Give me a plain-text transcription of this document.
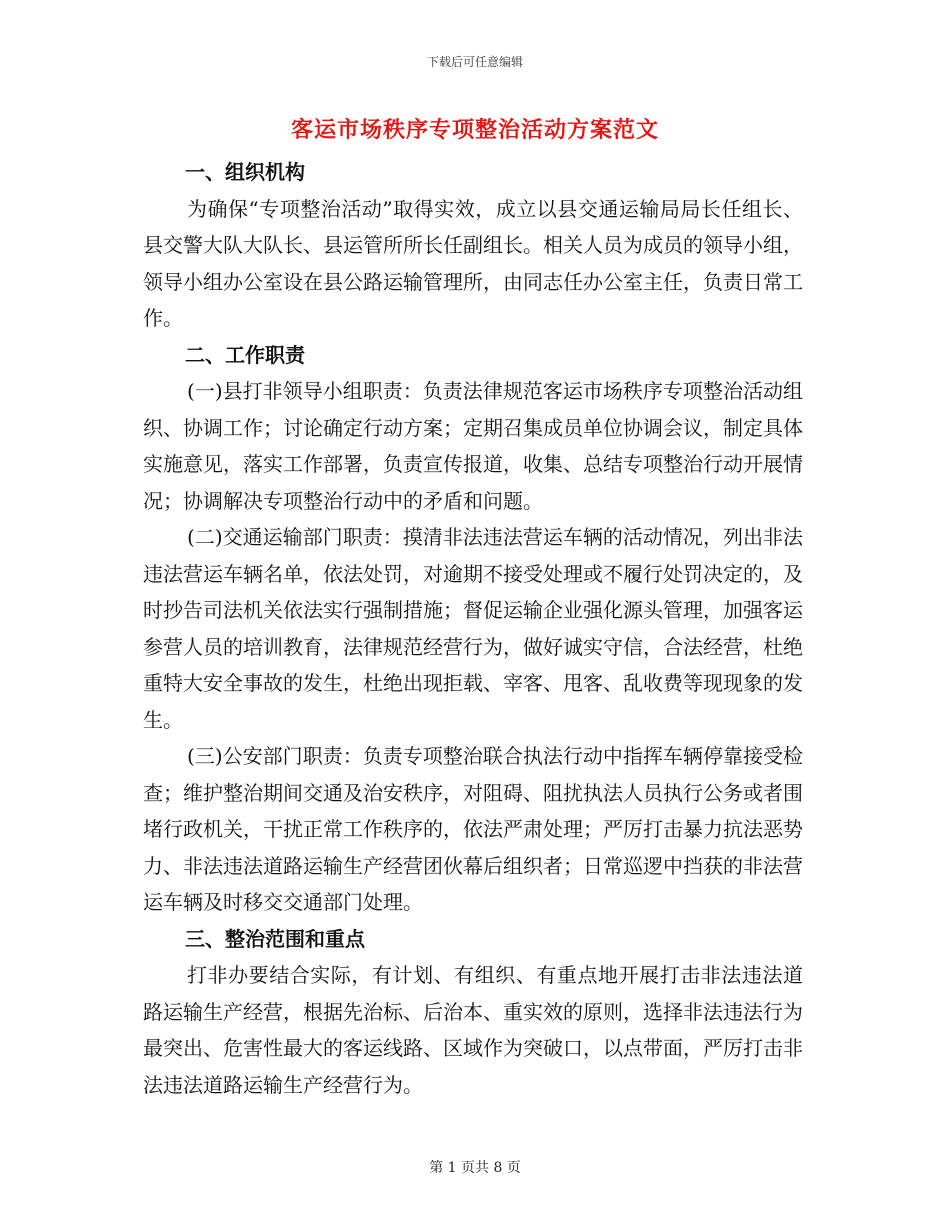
下载后可任意编辑
客运市场秩序专项整治活动方案范文

一、组织机构

为确保“专项整治活动”取得实效，成立以县交通运输局局长任组长、县交警大队大队长、县运管所所长任副组长。相关人员为成员的领导小组，领导小组办公室设在县公路运输管理所，由同志任办公室主任，负责日常工作。

二、工作职责

(一)县打非领导小组职责：负责法律规范客运市场秩序专项整治活动组织、协调工作；讨论确定行动方案；定期召集成员单位协调会议，制定具体实施意见，落实工作部署，负责宣传报道，收集、总结专项整治行动开展情况；协调解决专项整治行动中的矛盾和问题。

(二)交通运输部门职责：摸清非法违法营运车辆的活动情况，列出非法违法营运车辆名单，依法处罚，对逾期不接受处理或不履行处罚决定的，及时抄告司法机关依法实行强制措施；督促运输企业强化源头管理，加强客运参营人员的培训教育，法律规范经营行为，做好诚实守信，合法经营，杜绝重特大安全事故的发生，杜绝出现拒载、宰客、甩客、乱收费等现现象的发生。

(三)公安部门职责：负责专项整治联合执法行动中指挥车辆停靠接受检查；维护整治期间交通及治安秩序，对阻碍、阻扰执法人员执行公务或者围堵行政机关，干扰正常工作秩序的，依法严肃处理；严厉打击暴力抗法恶势力、非法违法道路运输生产经营团伙幕后组织者；日常巡逻中挡获的非法营运车辆及时移交交通部门处理。

三、整治范围和重点

打非办要结合实际，有计划、有组织、有重点地开展打击非法违法道路运输生产经营，根据先治标、后治本、重实效的原则，选择非法违法行为最突出、危害性最大的客运线路、区域作为突破口，以点带面，严厉打击非法违法道路运输生产经营行为。

第 1 页共 8 页
